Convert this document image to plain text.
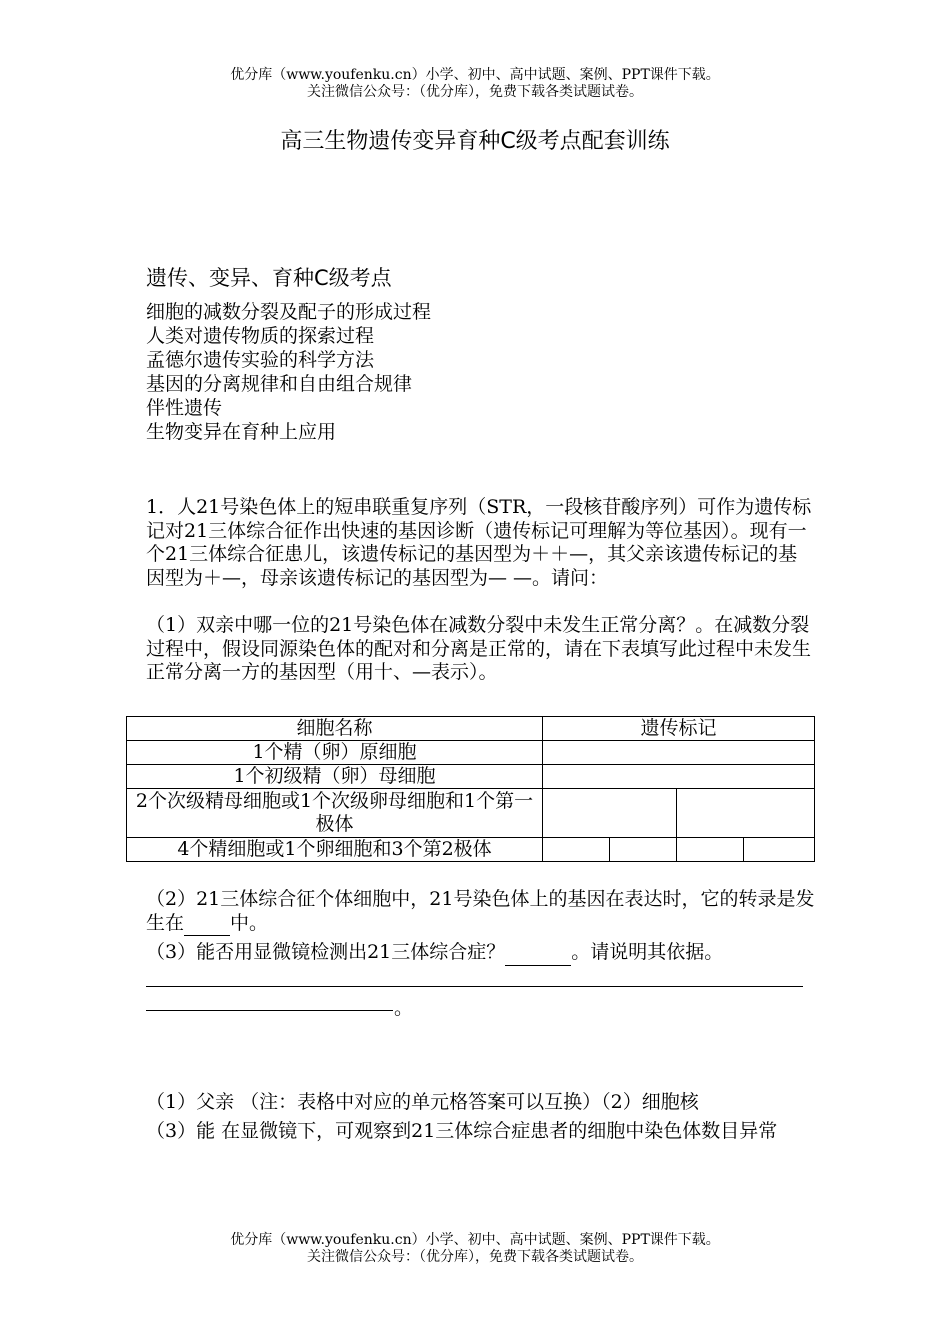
优分库（www.youfenku.cn）小学、初中、高中试题、案例、PPT课件下载。
关注微信公众号：（优分库），免费下载各类试题试卷。
高三生物遗传变异育种C级考点配套训练
遗传、变异、育种C级考点
细胞的减数分裂及配子的形成过程
人类对遗传物质的探索过程
孟德尔遗传实验的科学方法
基因的分离规律和自由组合规律
伴性遗传
生物变异在育种上应用
1．人21号染色体上的短串联重复序列（STR，一段核苷酸序列）可作为遗传标记对21三体综合征作出快速的基因诊断（遗传标记可理解为等位基因）。现有一个21三体综合征患儿，该遗传标记的基因型为＋＋—，其父亲该遗传标记的基因型为＋—，母亲该遗传标记的基因型为— —。请问：
（1）双亲中哪一位的21号染色体在减数分裂中未发生正常分离？。在减数分裂过程中，假设同源染色体的配对和分离是正常的，请在下表填写此过程中未发生正常分离一方的基因型（用十、—表示）。
细胞名称	遗传标记			
1个精（卵）原细胞				
1个初级精（卵）母细胞				
2个次级精母细胞或1个次级卵母细胞和1个第一极体				
4个精细胞或1个卵细胞和3个第2极体				
（2）21三体综合征个体细胞中，21号染色体上的基因在表达时，它的转录是发生在 中。
（3）能否用显微镜检测出21三体综合症？	。请说明其依据。
。
（1）父亲 （注：表格中对应的单元格答案可以互换）（2）细胞核
（3）能 在显微镜下，可观察到21三体综合症患者的细胞中染色体数目异常
优分库（www.youfenku.cn）小学、初中、高中试题、案例、PPT课件下载。
关注微信公众号：（优分库），免费下载各类试题试卷。
